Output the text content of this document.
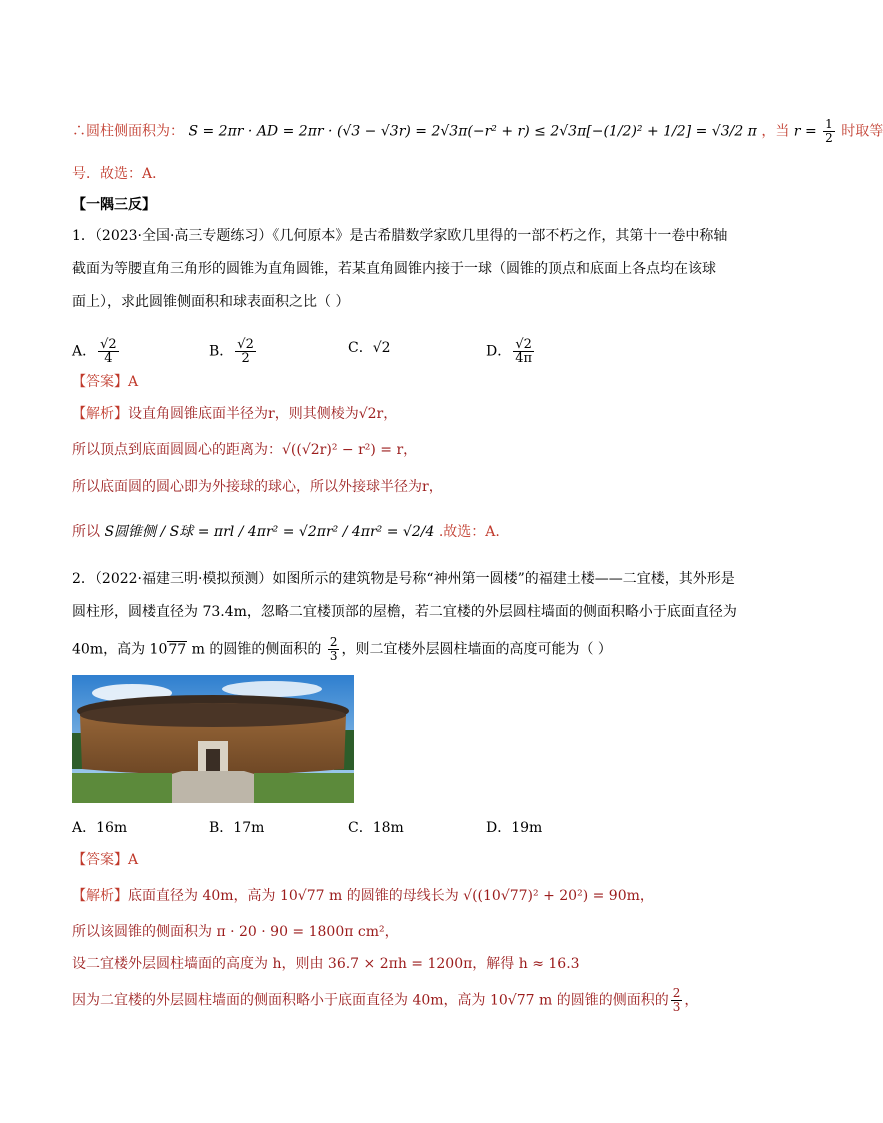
∴圆柱侧面积为： S = 2πr · AD = 2πr · (√3 − √3r) = 2√3π(−r² + r) ≤ 2√3π[−(1/2)² + 1/2] = √3/2 π ，当 $r = \frac{1}{2}$ 时取等
号．故选：A．
【一隅三反】
1．（2023·全国·高三专题练习）《几何原本》是古希腊数学家欧几里得的一部不朽之作，其第十一卷中称轴
截面为等腰直角三角形的圆锥为直角圆锥，若某直角圆锥内接于一球（圆锥的顶点和底面上各点均在该球
面上），求此圆锥侧面积和球表面积之比（ ）
A． $\frac{√2}{4}$	B． $\frac{√2}{2}$	C．√2	D． $\frac{√2}{4\pi}$
【答案】A
【解析】设直角圆锥底面半径为r，则其侧棱为√2r，
所以顶点到底面圆圆心的距离为：√((√2r)² − r²) = r，
所以底面圆的圆心即为外接球的球心，所以外接球半径为r，
所以 S圆锥侧 / S球 = πrl / 4πr² = √2πr² / 4πr² = √2/4 .故选：A.
2．（2022·福建三明·模拟预测）如图所示的建筑物是号称“神州第一圆楼”的福建土楼——二宜楼，其外形是
圆柱形，圆楼直径为 73.4m，忽略二宜楼顶部的屋檐，若二宜楼的外层圆柱墙面的侧面积略小于底面直径为
40m，高为 1077 m 的圆锥的侧面积的 $\frac{2}{3}$ ，则二宜楼外层圆柱墙面的高度可能为（ ）
A．16m	B．17m	C．18m	D．19m
【答案】A
【解析】底面直径为 40m，高为 10√77 m 的圆锥的母线长为 √((10√77)² + 20²) = 90m，
所以该圆锥的侧面积为 π · 20 · 90 = 1800π cm²，
设二宜楼外层圆柱墙面的高度为 h，则由 36.7 × 2πh = 1200π，解得 h ≈ 16.3
因为二宜楼的外层圆柱墙面的侧面积略小于底面直径为 40m，高为 10√77 m 的圆锥的侧面积的 $\frac{2}{3}$ ，
